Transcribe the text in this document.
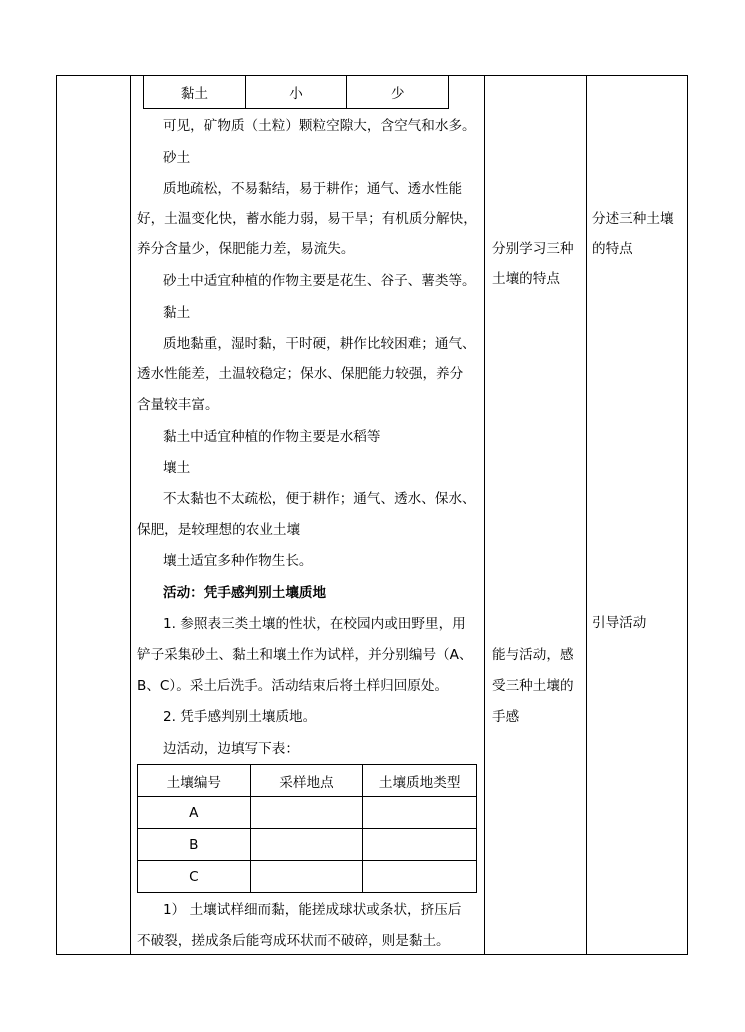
黏土	小	少
可见，矿物质（土粒）颗粒空隙大，含空气和水多。
砂土
质地疏松，不易黏结，易于耕作；通气、透水性能
好，土温变化快，蓄水能力弱，易干旱；有机质分解快，
养分含量少，保肥能力差，易流失。
砂土中适宜种植的作物主要是花生、谷子、薯类等。
黏土
质地黏重，湿时黏，干时硬，耕作比较困难；通气、
透水性能差，土温较稳定；保水、保肥能力较强，养分
含量较丰富。
黏土中适宜种植的作物主要是水稻等
壤土
不太黏也不太疏松，便于耕作；通气、透水、保水、
保肥，是较理想的农业土壤
壤土适宜多种作物生长。
活动：凭手感判别土壤质地
1. 参照表三类土壤的性状，在校园内或田野里，用
铲子采集砂土、黏土和壤土作为试样，并分别编号（A、
B、C）。采土后洗手。活动结束后将土样归回原处。
2. 凭手感判别土壤质地。
边活动，边填写下表：
土壤编号	采样地点	土壤质地类型
A		
B		
C		
1） 土壤试样细而黏，能搓成球状或条状，挤压后
不破裂，搓成条后能弯成环状而不破碎，则是黏土。
分别学习三种
土壤的特点
能与活动，感
受三种土壤的
手感
分述三种土壤
的特点
引导活动
